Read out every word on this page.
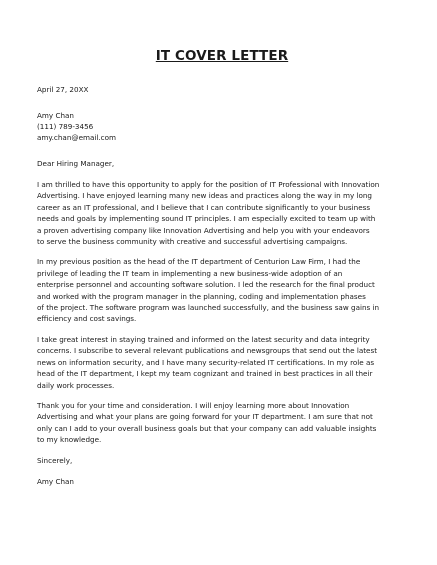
IT COVER LETTER

April 27, 20XX

Amy Chan

(111) 789-3456

amy.chan@email.com

Dear Hiring Manager,

I am thrilled to have this opportunity to apply for the position of IT Professional with Innovation
Advertising. I have enjoyed learning many new ideas and practices along the way in my long
career as an IT professional, and I believe that I can contribute significantly to your business
needs and goals by implementing sound IT principles. I am especially excited to team up with
a proven advertising company like Innovation Advertising and help you with your endeavors
to serve the business community with creative and successful advertising campaigns.

In my previous position as the head of the IT department of Centurion Law Firm, I had the
privilege of leading the IT team in implementing a new business-wide adoption of an
enterprise personnel and accounting software solution. I led the research for the final product
and worked with the program manager in the planning, coding and implementation phases
of the project. The software program was launched successfully, and the business saw gains in
efficiency and cost savings.

I take great interest in staying trained and informed on the latest security and data integrity
concerns. I subscribe to several relevant publications and newsgroups that send out the latest
news on information security, and I have many security-related IT certifications. In my role as
head of the IT department, I kept my team cognizant and trained in best practices in all their
daily work processes.

Thank you for your time and consideration. I will enjoy learning more about Innovation
Advertising and what your plans are going forward for your IT department. I am sure that not
only can I add to your overall business goals but that your company can add valuable insights
to my knowledge.

Sincerely,

Amy Chan
